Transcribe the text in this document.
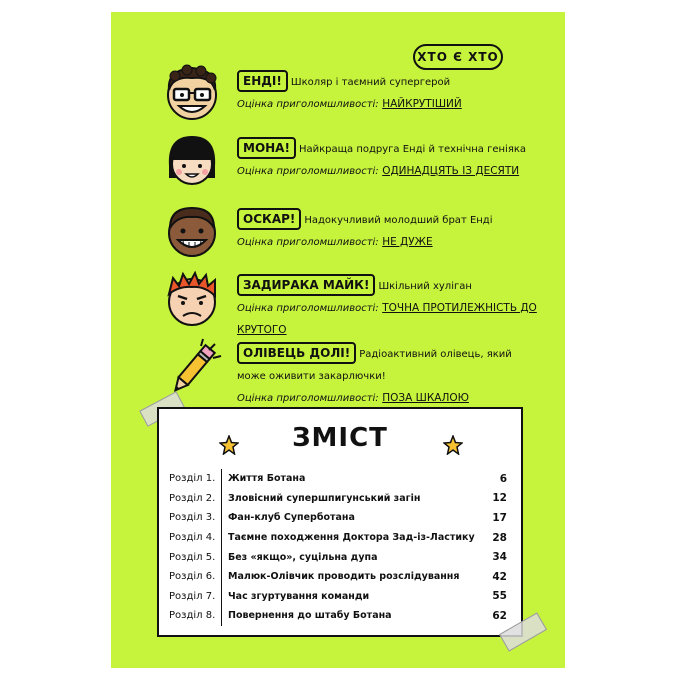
ХТО Є ХТО
ЕНДІ! Школяр і таємний супергерой
Оцінка приголомшливості: НАЙКРУТІШИЙ
МОНА! Найкраща подруга Енді й технічна геніяка
Оцінка приголомшливості: ОДИНАДЦЯТЬ ІЗ ДЕСЯТИ
ОСКАР! Надокучливий молодший брат Енді
Оцінка приголомшливості: НЕ ДУЖЕ
ЗАДИРАКА МАЙК! Шкільний хуліган
Оцінка приголомшливості: ТОЧНА ПРОТИЛЕЖНІСТЬ ДО КРУТОГО
ОЛІВЕЦЬ ДОЛІ! Радіоактивний олівець, який може оживити закарлючки!
Оцінка приголомшливості: ПОЗА ШКАЛОЮ
ЗМІСТ
Розділ 1.	Життя Ботана	6
Розділ 2.	Зловісний супершпигунський загін	12
Розділ 3.	Фан-клуб Суперботана	17
Розділ 4.	Таємне походження Доктора Зад-із-Ластику	28
Розділ 5.	Без «якщо», суцільна дупа	34
Розділ 6.	Малюк-Олівчик проводить розслідування	42
Розділ 7.	Час згуртування команди	55
Розділ 8.	Повернення до штабу Ботана	62
